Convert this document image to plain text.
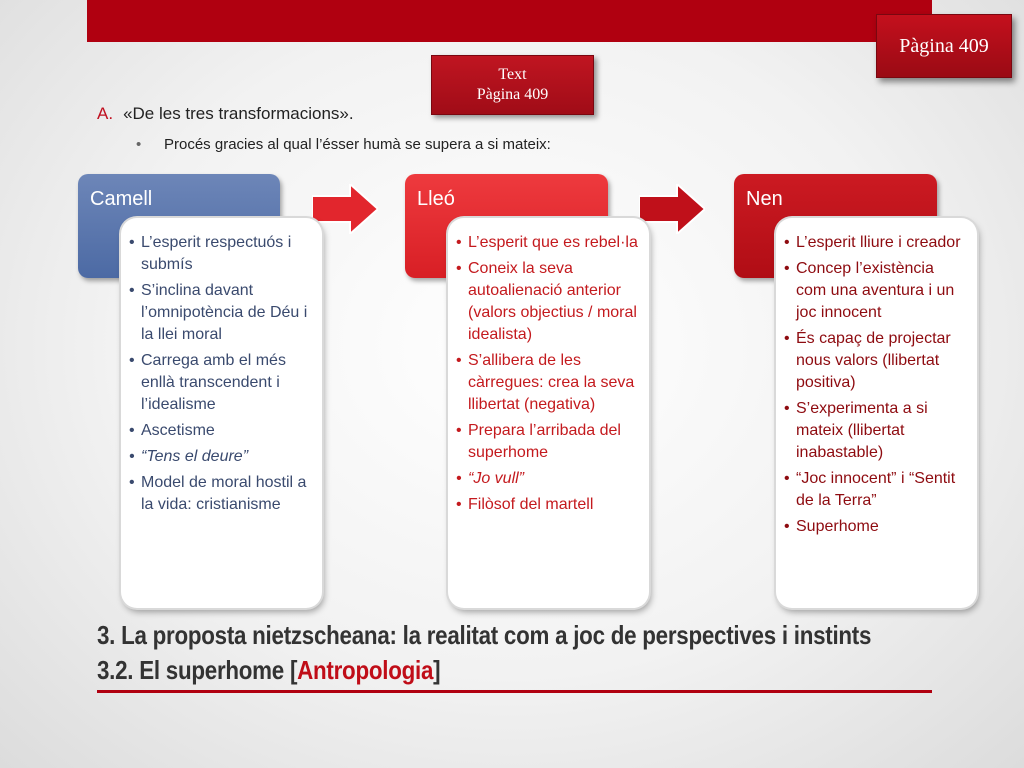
Pàgina 409
Text
Pàgina 409
A. «De les tres transformacions».
• Procés gracies al qual l’ésser humà se supera a si mateix:
Camell	Lleó	Nen
• L’esperit respectuós i submís
• S’inclina davant l’omnipotència de Déu i la llei moral
• Carrega amb el més enllà transcendent i l’idealisme
• Ascetisme
• “Tens el deure”
• Model de moral hostil a la vida: cristianisme
• L’esperit que es rebel·la
• Coneix la seva autoalienació anterior (valors objectius / moral idealista)
• S’allibera de les càrregues: crea la seva llibertat (negativa)
• Prepara l’arribada del superhome
• “Jo vull”
• Filòsof del martell
• L’esperit lliure i creador
• Concep l’existència com una aventura i un joc innocent
• És capaç de projectar nous valors (llibertat positiva)
• S’experimenta a si mateix (llibertat inabastable)
• “Joc innocent” i “Sentit de la Terra”
• Superhome
3. La proposta nietzscheana: la realitat com a joc de perspectives i instints
3.2. El superhome [Antropologia]
